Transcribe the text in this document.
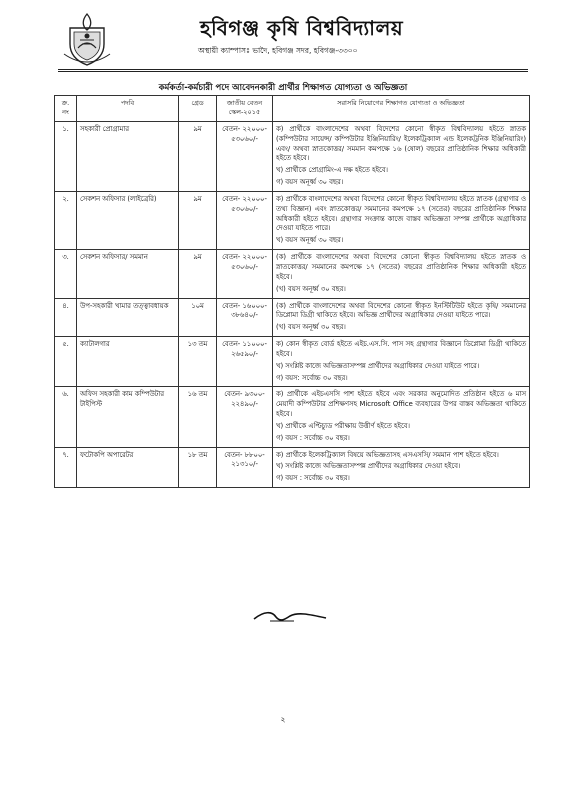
হবিগঞ্জ কৃষি বিশ্ববিদ্যালয়
অস্থায়ী ক্যাম্পাসঃ ভাদৈ, হবিগঞ্জ সদর, হবিগঞ্জ-৩৩০০
কর্মকর্তা-কর্মচারী পদে আবেদনকারী প্রার্থীর শিক্ষাগত যোগ্যতা ও অভিজ্ঞতা
ক্র. নং	পদবি	গ্রেড	জাতীয় বেতন স্কেল-২০১৫	সরাসরি নিয়োগের শিক্ষাগত যোগ্যতা ও অভিজ্ঞতা
১.	সহকারী প্রোগ্রামার	৯ম	বেতন- ২২০০০- ৫৩০৬০/-	ক) প্রার্থীকে বাংলাদেশের অথবা বিদেশের কোনো স্বীকৃত বিশ্ববিদ্যালয় হইতে স্নাতক (কম্পিউটার সায়েন্স/ কম্পিউটার ইঞ্জিনিয়ারিং/ ইলেকট্রিক্যাল এন্ড ইলেকট্রনিক ইঞ্জিনিয়ারিং) এবং/ অথবা স্নাতকোত্তর/ সমমান কমপক্ষে ১৬ (ষোল) বছরের প্রাতিষ্ঠানিক শিক্ষার অধিকারী হইতে হইবে।
খ) প্রার্থীকে প্রোগ্রামিং-এ দক্ষ হইতে হইবে।
গ) বয়স অনূর্ধ্ব ৩০ বছর।

২.	সেকশন অফিসার (লাইব্রেরি)	৯ম	বেতন- ২২০০০- ৫৩০৬০/-	ক) প্রার্থীকে বাংলাদেশের অথবা বিদেশের কোনো স্বীকৃত বিশ্ববিদ্যালয় হইতে স্নাতক (গ্রন্থাগার ও তথ্য বিজ্ঞান) এবং স্নাতকোত্তর/ সমমানের কমপক্ষে ১৭ (সতের) বছরের প্রাতিষ্ঠানিক শিক্ষার অধিকারী হইতে হইবে। গ্রন্থাগার সংক্রান্ত কাজে বাস্তব অভিজ্ঞতা সম্পন্ন প্রার্থীকে অগ্রাধিকার দেওয়া যাইতে পারে।
খ) বয়স অনূর্ধ্ব ৩০ বছর।

৩.	সেকশন অফিসার/ সমমান	৯ম	বেতন- ২২০০০- ৫৩০৬০/-	(ক) প্রার্থীকে বাংলাদেশের অথবা বিদেশের কোনো স্বীকৃত বিশ্ববিদ্যালয় হইতে স্নাতক ও স্নাতকোত্তর/ সমমানের কমপক্ষে ১৭ (সতের) বছরের প্রাতিষ্ঠানিক শিক্ষার অধিকারী হইতে হইবে।
(খ) বয়স অনূর্ধ্ব ৩০ বছর।

৪.	উপ-সহকারী খামার তত্ত্বাবধায়ক	১০ম	বেতন- ১৬০০০- ৩৮৬৪০/-	(ক) প্রার্থীকে বাংলাদেশের অথবা বিদেশের কোনো স্বীকৃত ইনস্টিটিউট হইতে কৃষি/ সমমানের ডিপ্লোমা ডিগ্রী থাকিতে হইবে। অভিজ্ঞ প্রার্থীদের অগ্রাধিকার দেওয়া যাইতে পারে।
(খ) বয়স অনূর্ধ্ব ৩০ বছর।

৫.	ক্যাটালগার	১৩ তম	বেতন- ১১০০০- ২৬৫৯০/-	ক) কোন স্বীকৃত বোর্ড হইতে এইচ.এস.সি. পাস সহ গ্রন্থাগার বিজ্ঞানে ডিপ্লোমা ডিগ্রী থাকিতে হইবে।
খ) সংশ্লিষ্ট কাজে অভিজ্ঞতাসম্পন্ন প্রার্থীদের অগ্রাধিকার দেওয়া যাইতে পারে।
গ) বয়স: সর্বোচ্চ ৩০ বছর।

৬.	অফিস সহকারী কাম কম্পিউটার টাইপিস্ট	১৬ তম	বেতন- ৯৩০০- ২২৪৯০/-	ক) প্রার্থীকে এইচএসসি পাশ হইতে হইবে এবং সরকার অনুমোদিত প্রতিষ্ঠান হইতে ৬ মাস মেয়াদী কম্পিউটার প্রশিক্ষণসহ Microsoft Office ব্যবহারের উপর বাস্তব অভিজ্ঞতা থাকিতে হইবে।
খ) প্রার্থীকে এপ্টিচ্যুড পরীক্ষায় উত্তীর্ণ হইতে হইবে।
গ) বয়স : সর্বোচ্চ ৩০ বছর।

৭.	ফটোকপি অপারেটর	১৮ তম	বেতন- ৮৮০০- ২১৩১০/-	ক) প্রার্থীকে ইলেকট্রিক্যাল বিষয়ে অভিজ্ঞতাসহ এসএসসি/ সমমান পাশ হইতে হইবে।
খ) সংশ্লিষ্ট কাজে অভিজ্ঞতাসম্পন্ন প্রার্থীদের অগ্রাধিকার দেওয়া হইবে।
গ) বয়স : সর্বোচ্চ ৩০ বছর।
২
